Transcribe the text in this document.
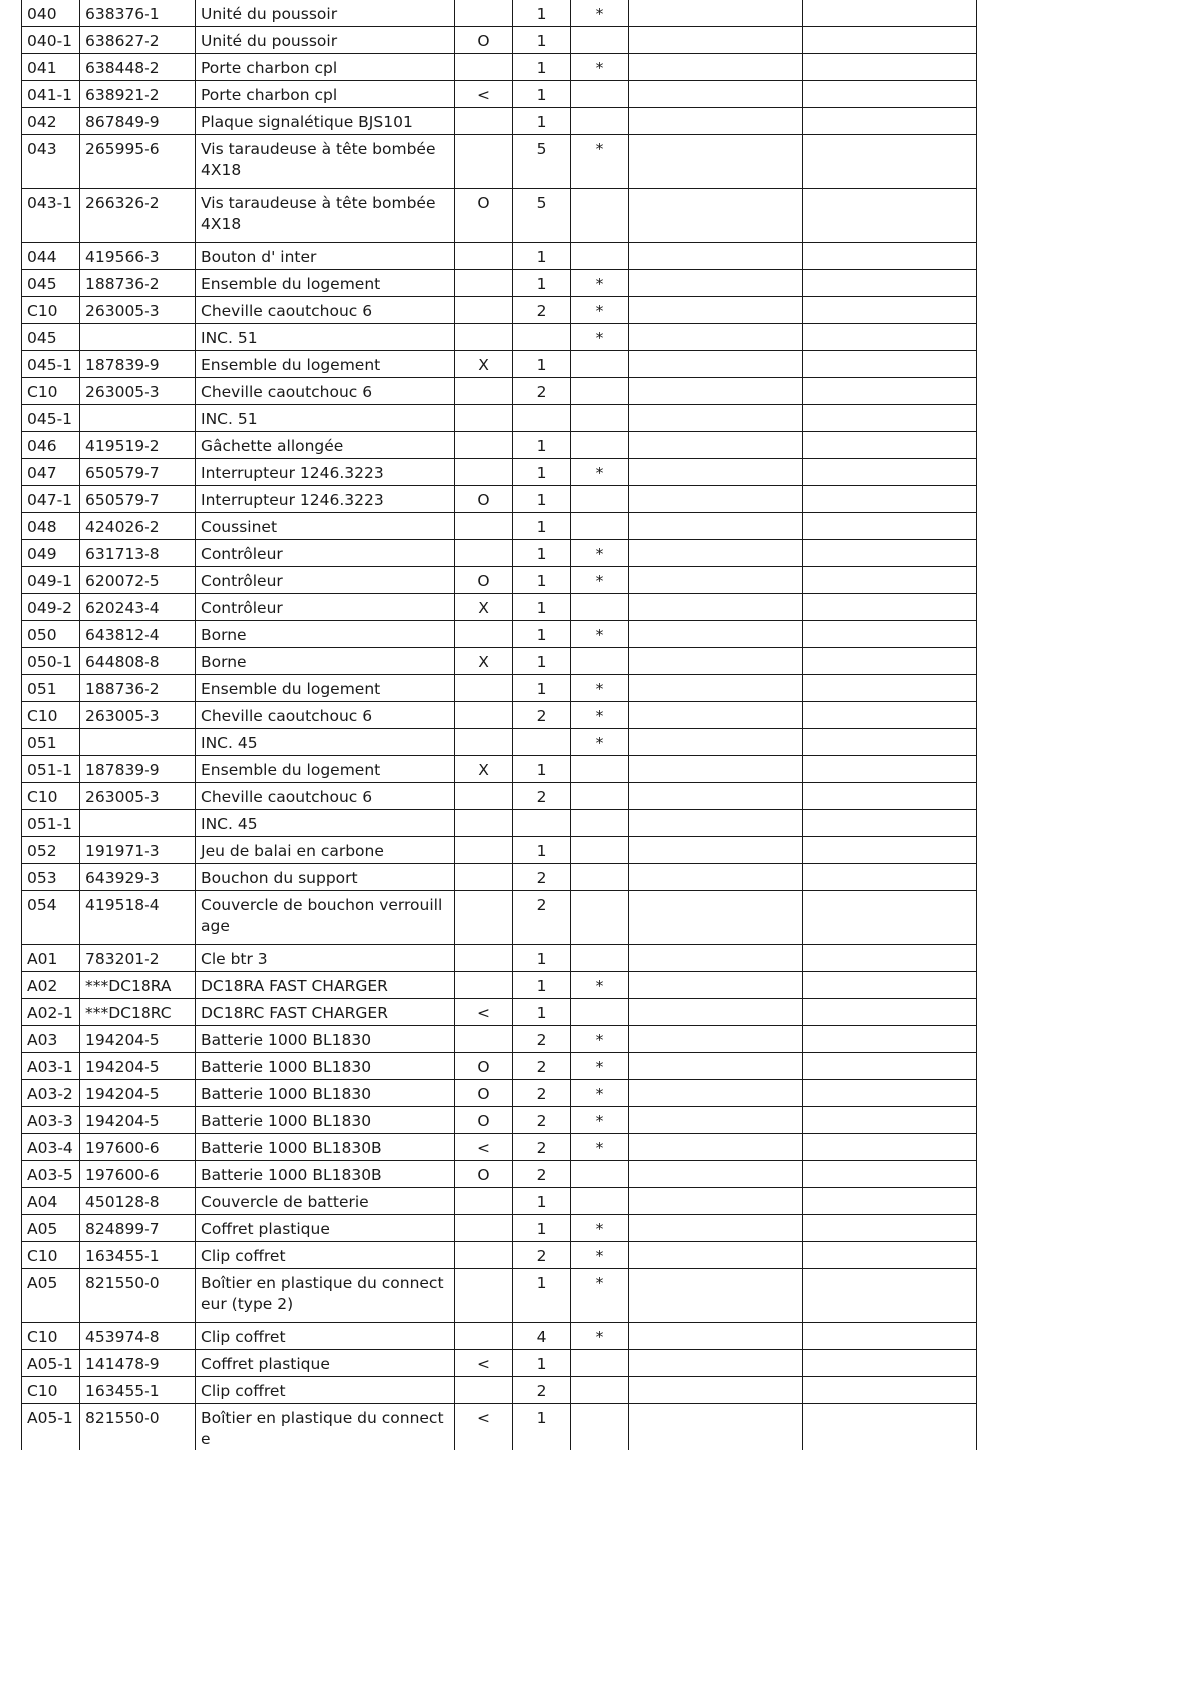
040	638376-1	Unité du poussoir		1	*		
040-1	638627-2	Unité du poussoir	O	1			
041	638448-2	Porte charbon cpl		1	*		
041-1	638921-2	Porte charbon cpl	<	1			
042	867849-9	Plaque signalétique BJS101		1			
043	265995-6	Vis taraudeuse à tête bombée 4X18		5	*		
043-1	266326-2	Vis taraudeuse à tête bombée 4X18	O	5			
044	419566-3	Bouton d' inter		1			
045	188736-2	Ensemble du logement		1	*		
C10	263005-3	Cheville caoutchouc 6		2	*		
045		INC. 51			*		
045-1	187839-9	Ensemble du logement	X	1			
C10	263005-3	Cheville caoutchouc 6		2			
045-1		INC. 51					
046	419519-2	Gâchette allongée		1			
047	650579-7	Interrupteur 1246.3223		1	*		
047-1	650579-7	Interrupteur 1246.3223	O	1			
048	424026-2	Coussinet		1			
049	631713-8	Contrôleur		1	*		
049-1	620072-5	Contrôleur	O	1	*		
049-2	620243-4	Contrôleur	X	1			
050	643812-4	Borne		1	*		
050-1	644808-8	Borne	X	1			
051	188736-2	Ensemble du logement		1	*		
C10	263005-3	Cheville caoutchouc 6		2	*		
051		INC. 45			*		
051-1	187839-9	Ensemble du logement	X	1			
C10	263005-3	Cheville caoutchouc 6		2			
051-1		INC. 45					
052	191971-3	Jeu de balai en carbone		1			
053	643929-3	Bouchon du support		2			
054	419518-4	Couvercle de bouchon verrouillage		2			
A01	783201-2	Cle btr 3		1			
A02	***DC18RA	DC18RA FAST CHARGER		1	*		
A02-1	***DC18RC	DC18RC FAST CHARGER	<	1			
A03	194204-5	Batterie 1000 BL1830		2	*		
A03-1	194204-5	Batterie 1000 BL1830	O	2	*		
A03-2	194204-5	Batterie 1000 BL1830	O	2	*		
A03-3	194204-5	Batterie 1000 BL1830	O	2	*		
A03-4	197600-6	Batterie 1000 BL1830B	<	2	*		
A03-5	197600-6	Batterie 1000 BL1830B	O	2			
A04	450128-8	Couvercle de batterie		1			
A05	824899-7	Coffret plastique		1	*		
C10	163455-1	Clip coffret		2	*		
A05	821550-0	Boîtier en plastique du connecteur (type 2)		1	*		
C10	453974-8	Clip coffret		4	*		
A05-1	141478-9	Coffret plastique	<	1			
C10	163455-1	Clip coffret		2			
A05-1	821550-0	Boîtier en plastique du connecte	<	1			
